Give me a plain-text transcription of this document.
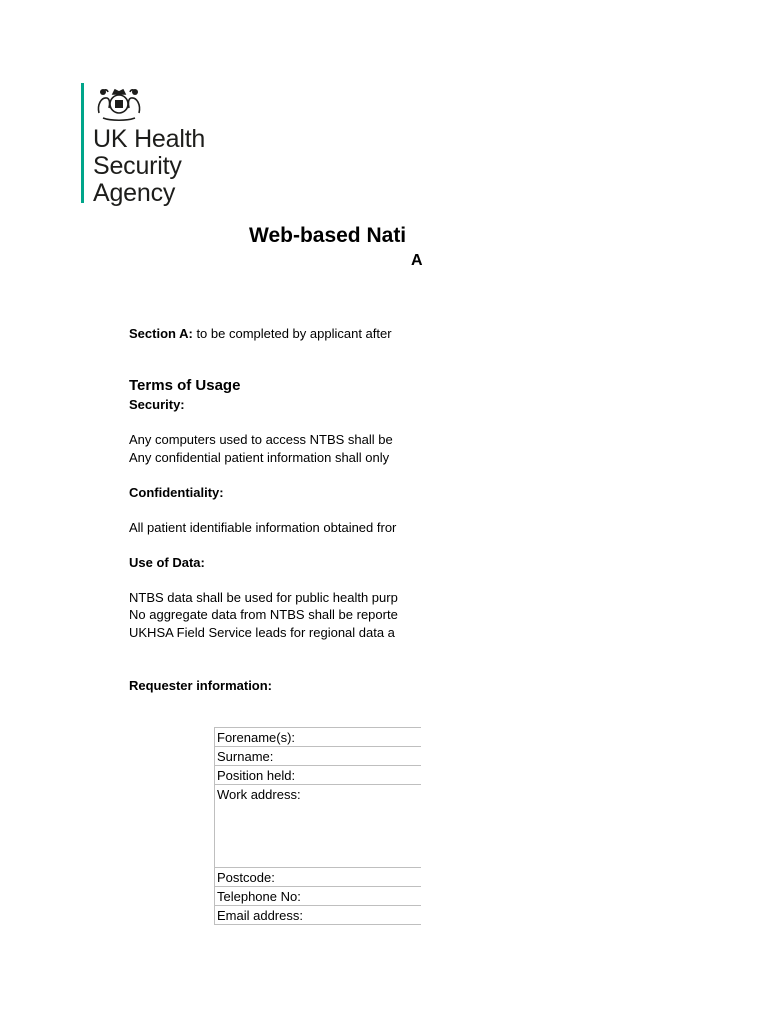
UK Health
Security
Agency
Web-based Nati
A
Section A: to be completed by applicant after
Terms of Usage
Security:
Any computers used to access NTBS shall be
Any confidential patient information shall only
Confidentiality:
All patient identifiable information obtained fror
Use of Data:
NTBS data shall be used for public health purp
No aggregate data from NTBS shall be reporte
UKHSA Field Service leads for regional data a
Requester information:
Forename(s):
Surname:
Position held:
Work address:
Postcode:
Telephone No:
Email address:
